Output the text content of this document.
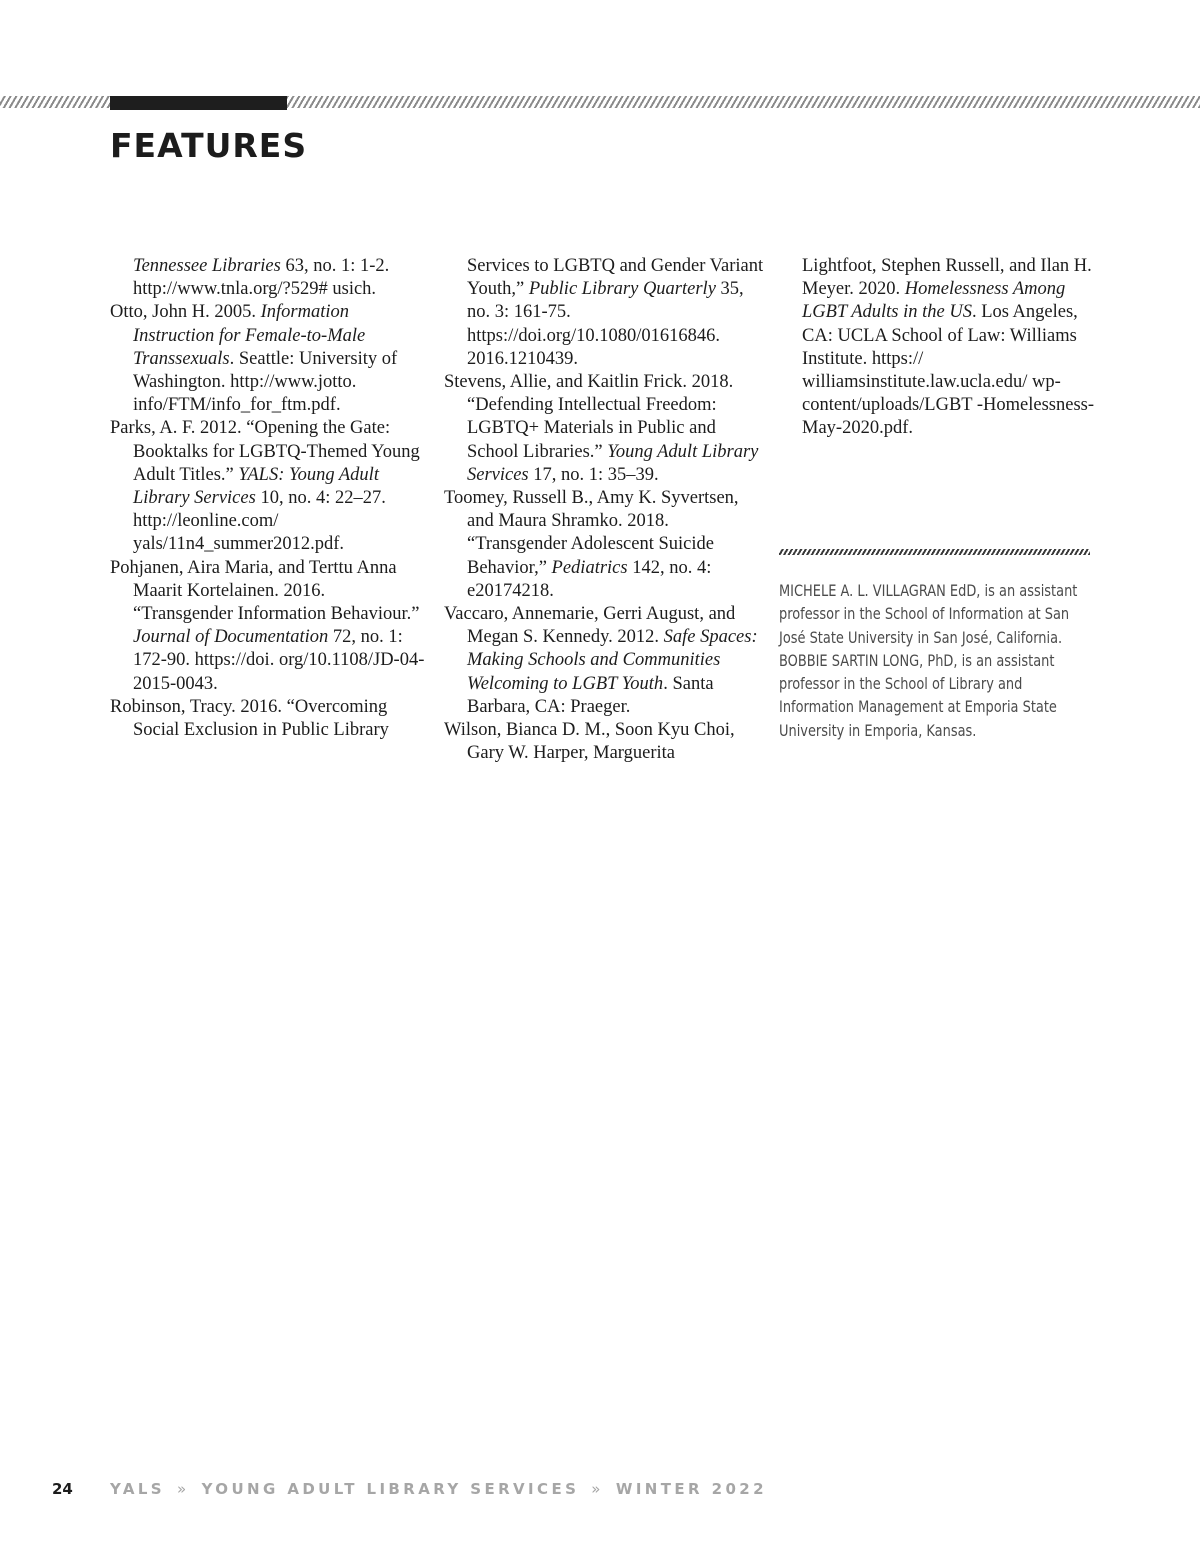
FEATURES

Tennessee Libraries 63, no. 1: 1-2. http://www.tnla.org/?529# usich.

Otto, John H. 2005. Information Instruction for Female-to-Male Transsexuals. Seattle: University of Washington. http://www.jotto. info/FTM/info_for_ftm.pdf.

Parks, A. F. 2012. “Opening the Gate: Booktalks for LGBTQ-Themed Young Adult Titles.” YALS: Young Adult Library Services 10, no. 4: 22–27. http://leonline.com/ yals/11n4_summer2012.pdf.

Pohjanen, Aira Maria, and Terttu Anna Maarit Kortelainen. 2016. “Transgender Information Behaviour.” Journal of Documentation 72, no. 1: 172-90. https://doi. org/10.1108/JD-04-2015-0043.

Robinson, Tracy. 2016. “Overcoming Social Exclusion in Public Library

Services to LGBTQ and Gender Variant Youth,” Public Library Quarterly 35, no. 3: 161-75. https://doi.org/10.1080/01616846. 2016.1210439.

Stevens, Allie, and Kaitlin Frick. 2018. “Defending Intellectual Freedom: LGBTQ+ Materials in Public and School Libraries.” Young Adult Library Services 17, no. 1: 35–39.

Toomey, Russell B., Amy K. Syvertsen, and Maura Shramko. 2018. “Transgender Adolescent Suicide Behavior,” Pediatrics 142, no. 4: e20174218.

Vaccaro, Annemarie, Gerri August, and Megan S. Kennedy. 2012. Safe Spaces: Making Schools and Communities Welcoming to LGBT Youth. Santa Barbara, CA: Praeger.

Wilson, Bianca D. M., Soon Kyu Choi, Gary W. Harper, Marguerita

Lightfoot, Stephen Russell, and Ilan H. Meyer. 2020. Homelessness Among LGBT Adults in the US. Los Angeles, CA: UCLA School of Law: Williams Institute. https:// williamsinstitute.law.ucla.edu/ wp-content/uploads/LGBT -Homelessness-May-2020.pdf.

MICHELE A. L. VILLAGRAN EdD, is an assistant professor in the School of Information at San José State University in San José, California. BOBBIE SARTIN LONG, PhD, is an assistant professor in the School of Library and Information Management at Emporia State University in Emporia, Kansas.

24 YALS » YOUNG ADULT LIBRARY SERVICES » WINTER 2022
